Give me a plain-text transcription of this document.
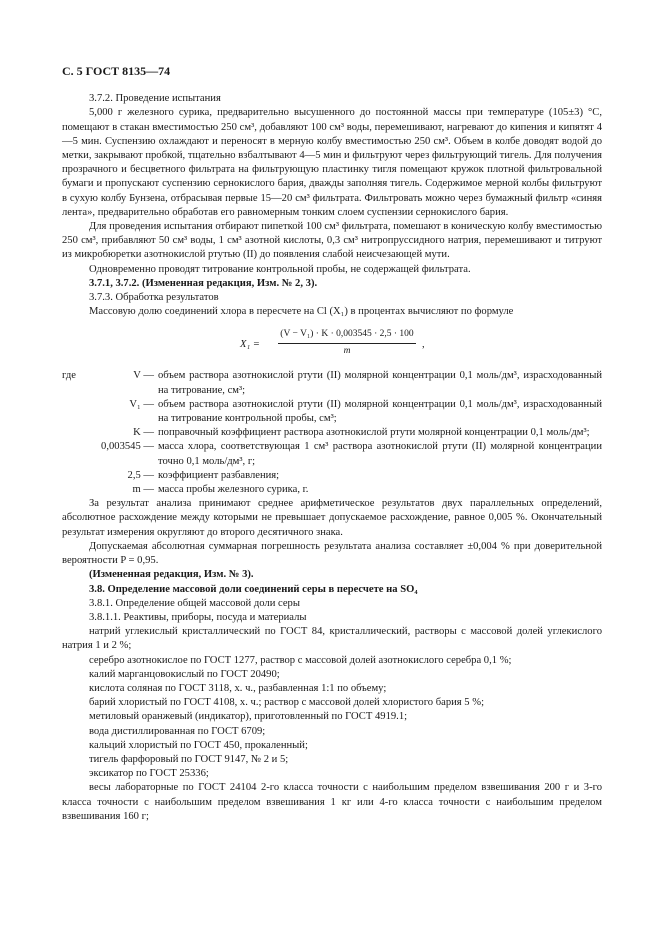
С. 5 ГОСТ 8135—74

3.7.2. Проведение испытания

5,000 г железного сурика, предварительно высушенного до постоянной массы при температуре (105±3) °С, помещают в стакан вместимостью 250 см³, добавляют 100 см³ воды, перемешивают, нагревают до кипения и кипятят 4—5 мин. Суспензию охлаждают и переносят в мерную колбу вместимостью 250 см³. Объем в колбе доводят водой до метки, закрывают пробкой, тщательно взбалтывают 4—5 мин и фильтруют через фильтрующий тигель. Для получения прозрачного и бесцветного фильтрата на фильтрующую пластинку тигля помещают кружок плотной фильтровальной бумаги и пропускают суспензию сернокислого бария, дважды заполняя тигель. Содержимое мерной колбы фильтруют в сухую колбу Бунзена, отбрасывая первые 15—20 см³ фильтрата. Фильтровать можно через бумажный фильтр «синяя лента», предварительно обработав его равномерным тонким слоем суспензии сернокислого бария.

Для проведения испытания отбирают пипеткой 100 см³ фильтрата, помешают в коническую колбу вместимостью 250 см³, прибавляют 50 см³ воды, 1 см³ азотной кислоты, 0,3 см³ нитропруссидного натрия, перемешивают и титруют из микробюретки азотнокислой ртутью (II) до появления слабой неисчезающей мути.

Одновременно проводят титрование контрольной пробы, не содержащей фильтрата.

3.7.1, 3.7.2. (Измененная редакция, Изм. № 2, 3).

3.7.3. Обработка результатов

Массовую долю соединений хлора в пересчете на Cl (X₁) в процентах вычисляют по формуле

$X_1 = \frac{\text{(V − V₁) · K · 0,003545 · 2,5 · 100}}{m}$ ,
где	V — объем раствора азотнокислой ртути (II) молярной концентрации 0,1 моль/дм³, израсходованный на титрование, см³;
V₁ — объем раствора азотнокислой ртути (II) молярной концентрации 0,1 моль/дм³, израсходованный на титрование контрольной пробы, см³;
K — поправочный коэффициент раствора азотнокислой ртути молярной концентрации 0,1 моль/дм³;
0,003545 — масса хлора, соответствующая 1 см³ раствора азотнокислой ртути (II) молярной концентрации точно 0,1 моль/дм³, г;
2,5 — коэффициент разбавления;
m — масса пробы железного сурика, г.

За результат анализа принимают среднее арифметическое результатов двух параллельных определений, абсолютное расхождение между которыми не превышает допускаемое расхождение, равное 0,005 %. Окончательный результат измерения округляют до второго десятичного знака.

Допускаемая абсолютная суммарная погрешность результата анализа составляет ±0,004 % при доверительной вероятности P = 0,95.

(Измененная редакция, Изм. № 3).

3.8. Определение массовой доли соединений серы в пересчете на SO₄

3.8.1. Определение общей массовой доли серы

3.8.1.1. Реактивы, приборы, посуда и материалы

натрий углекислый кристаллический по ГОСТ 84, кристаллический, растворы с массовой долей углекислого натрия 1 и 2 %;

серебро азотнокислое по ГОСТ 1277, раствор с массовой долей азотнокислого серебра 0,1 %;

калий марганцовокислый по ГОСТ 20490;

кислота соляная по ГОСТ 3118, х. ч., разбавленная 1:1 по объему;

барий хлористый по ГОСТ 4108, х. ч.; раствор с массовой долей хлористого бария 5 %;

метиловый оранжевый (индикатор), приготовленный по ГОСТ 4919.1;

вода дистиллированная по ГОСТ 6709;

кальций хлористый по ГОСТ 450, прокаленный;

тигель фарфоровый по ГОСТ 9147, № 2 и 5;

эксикатор по ГОСТ 25336;

весы лабораторные по ГОСТ 24104 2-го класса точности с наибольшим пределом взвешивания 200 г и 3-го класса точности с наибольшим пределом взвешивания 1 кг или 4-го класса точности с наибольшим пределом взвешивания 160 г;
